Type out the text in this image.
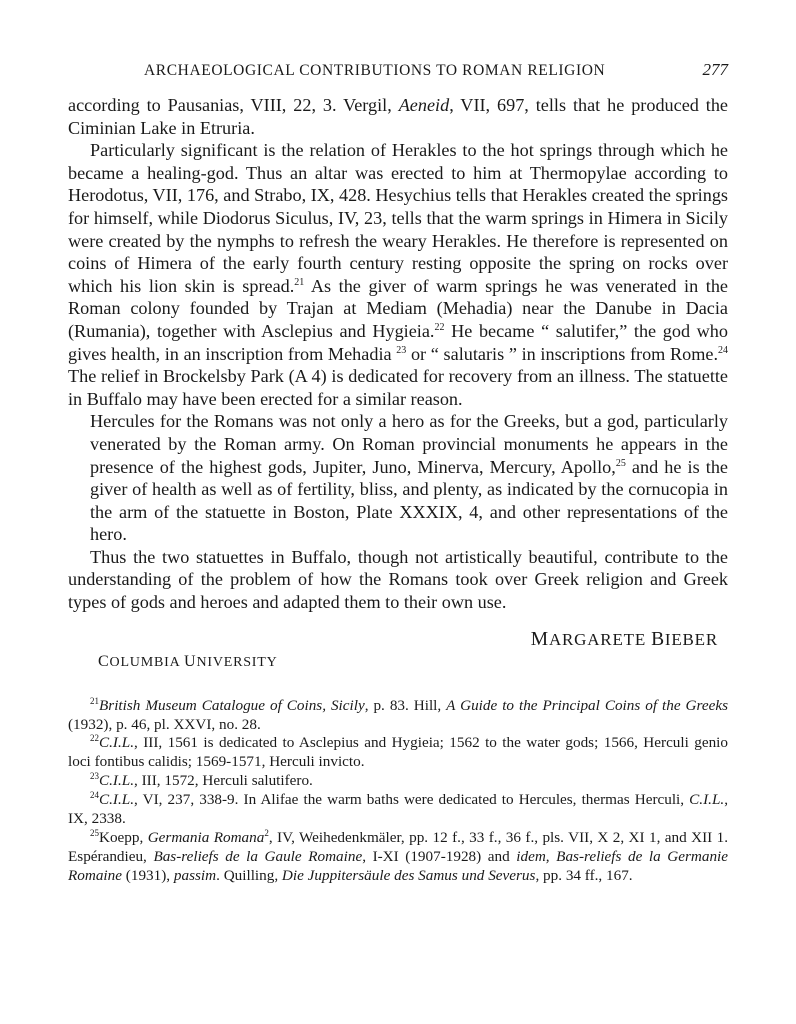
ARCHAEOLOGICAL CONTRIBUTIONS TO ROMAN RELIGION	277

according to Pausanias, VIII, 22, 3. Vergil, Aeneid, VII, 697, tells that he produced the Ciminian Lake in Etruria.

Particularly significant is the relation of Herakles to the hot springs through which he became a healing-god. Thus an altar was erected to him at Thermopylae according to Herodotus, VII, 176, and Strabo, IX, 428. Hesychius tells that Herakles created the springs for himself, while Diodorus Siculus, IV, 23, tells that the warm springs in Himera in Sicily were created by the nymphs to refresh the weary Herakles. He therefore is represented on coins of Himera of the early fourth century resting opposite the spring on rocks over which his lion skin is spread.$^{21}$ As the giver of warm springs he was venerated in the Roman colony founded by Trajan at Mediam (Mehadia) near the Danube in Dacia (Rumania), together with Asclepius and Hygieia.$^{22}$ He became “ salutifer,” the god who gives health, in an inscription from Mehadia $^{23}$ or “ salutaris ” in inscriptions from Rome.$^{24}$ The relief in Brockelsby Park (A 4) is dedicated for recovery from an illness. The statuette in Buffalo may have been erected for a similar reason.

Hercules for the Romans was not only a hero as for the Greeks, but a god, particularly venerated by the Roman army. On Roman provincial monuments he appears in the presence of the highest gods, Jupiter, Juno, Minerva, Mercury, Apollo,$^{25}$ and he is the giver of health as well as of fertility, bliss, and plenty, as indicated by the cornucopia in the arm of the statuette in Boston, Plate XXXIX, 4, and other representations of the hero.

Thus the two statuettes in Buffalo, though not artistically beautiful, contribute to the understanding of the problem of how the Romans took over Greek religion and Greek types of gods and heroes and adapted them to their own use.

MARGARETE BIEBER
COLUMBIA UNIVERSITY

$^{21}$British Museum Catalogue of Coins, Sicily, p. 83. Hill, A Guide to the Principal Coins of the Greeks (1932), p. 46, pl. XXVI, no. 28.

$^{22}$C.I.L., III, 1561 is dedicated to Asclepius and Hygieia; 1562 to the water gods; 1566, Herculi genio loci fontibus calidis; 1569-1571, Herculi invicto.

$^{23}$C.I.L., III, 1572, Herculi salutifero.

$^{24}$C.I.L., VI, 237, 338-9. In Alifae the warm baths were dedicated to Hercules, thermas Herculi, C.I.L., IX, 2338.

$^{25}$Koepp, Germania Romana$^2$, IV, Weihedenkmäler, pp. 12 f., 33 f., 36 f., pls. VII, X 2, XI 1, and XII 1. Espérandieu, Bas-reliefs de la Gaule Romaine, I-XI (1907-1928) and idem, Bas-reliefs de la Germanie Romaine (1931), passim. Quilling, Die Juppitersäule des Samus und Severus, pp. 34 ff., 167.
